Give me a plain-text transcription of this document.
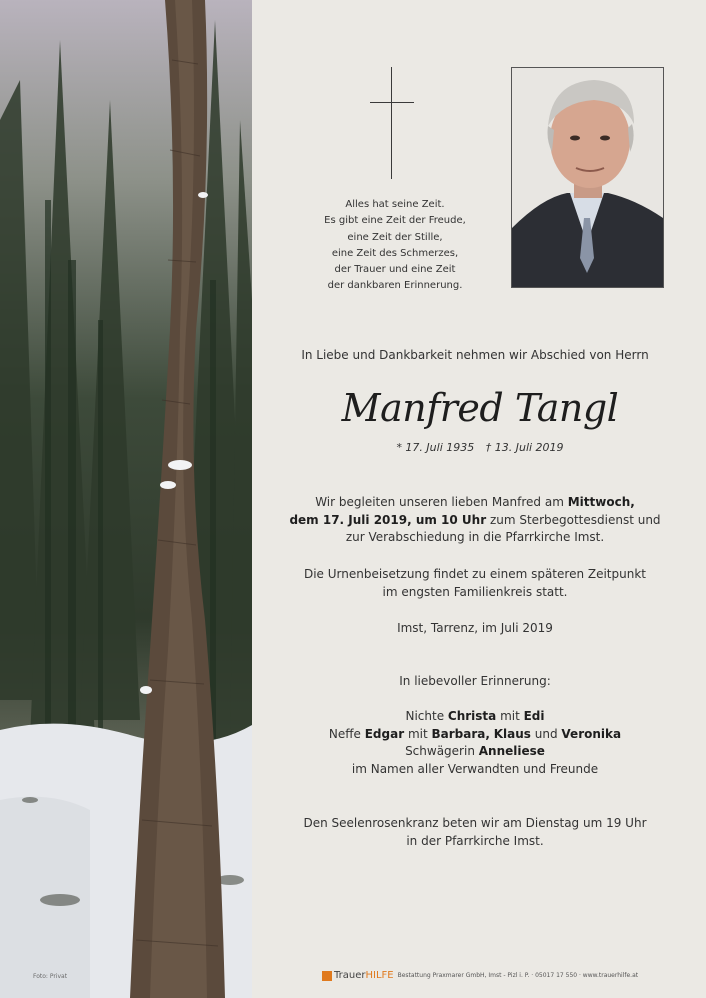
Foto: Privat
Alles hat seine Zeit.
Es gibt eine Zeit der Freude,
eine Zeit der Stille,
eine Zeit des Schmerzes,
der Trauer und eine Zeit
der dankbaren Erinnerung.
In Liebe und Dankbarkeit nehmen wir Abschied von Herrn
Manfred Tangl
* 17. Juli 1935 † 13. Juli 2019
Wir begleiten unseren lieben Manfred am Mittwoch,
dem 17. Juli 2019, um 10 Uhr zum Sterbegottesdienst und
zur Verabschiedung in die Pfarrkirche Imst.
Die Urnenbeisetzung findet zu einem späteren Zeitpunkt
im engsten Familienkreis statt.
Imst, Tarrenz, im Juli 2019
In liebevoller Erinnerung:
Nichte Christa mit Edi
Neffe Edgar mit Barbara, Klaus und Veronika
Schwägerin Anneliese
im Namen aller Verwandten und Freunde
Den Seelenrosenkranz beten wir am Dienstag um 19 Uhr
in der Pfarrkirche Imst.
TrauerHILFE Bestattung Praxmarer GmbH, Imst - Pizl i. P. · 05017 17 550 · www.trauerhilfe.at
